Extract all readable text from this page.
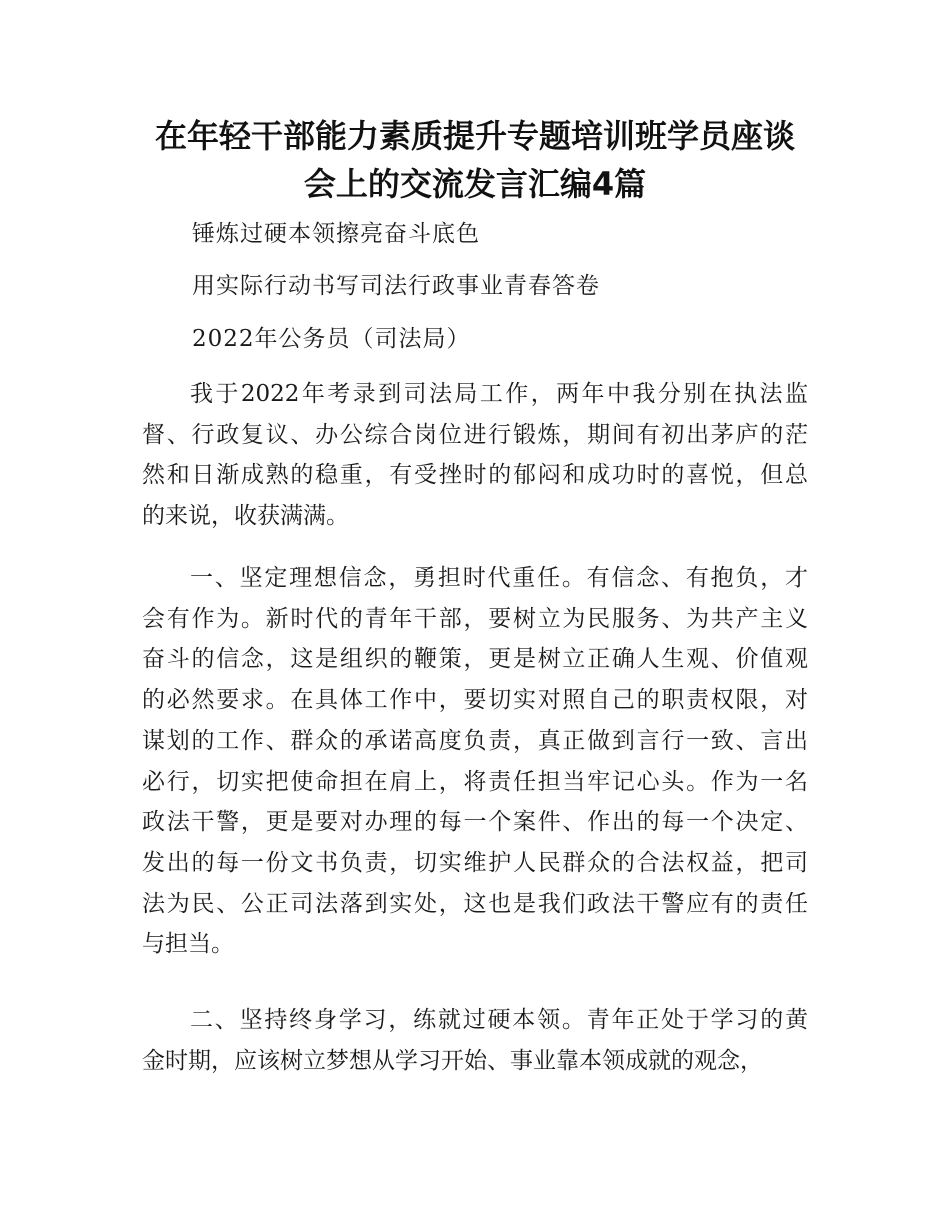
在年轻干部能力素质提升专题培训班学员座谈
会上的交流发言汇编4篇

锤炼过硬本领擦亮奋斗底色

用实际行动书写司法行政事业青春答卷

2022年公务员（司法局）

我于2022年考录到司法局工作，两年中我分别在执法监
督、行政复议、办公综合岗位进行锻炼，期间有初出茅庐的茫
然和日渐成熟的稳重，有受挫时的郁闷和成功时的喜悦，但总
的来说，收获满满。
一、坚定理想信念，勇担时代重任。有信念、有抱负，才
会有作为。新时代的青年干部，要树立为民服务、为共产主义
奋斗的信念，这是组织的鞭策，更是树立正确人生观、价值观
的必然要求。在具体工作中，要切实对照自己的职责权限，对
谋划的工作、群众的承诺高度负责，真正做到言行一致、言出
必行，切实把使命担在肩上，将责任担当牢记心头。作为一名
政法干警，更是要对办理的每一个案件、作出的每一个决定、
发出的每一份文书负责，切实维护人民群众的合法权益，把司
法为民、公正司法落到实处，这也是我们政法干警应有的责任
与担当。
二、坚持终身学习，练就过硬本领。青年正处于学习的黄
金时期，应该树立梦想从学习开始、事业靠本领成就的观念，
